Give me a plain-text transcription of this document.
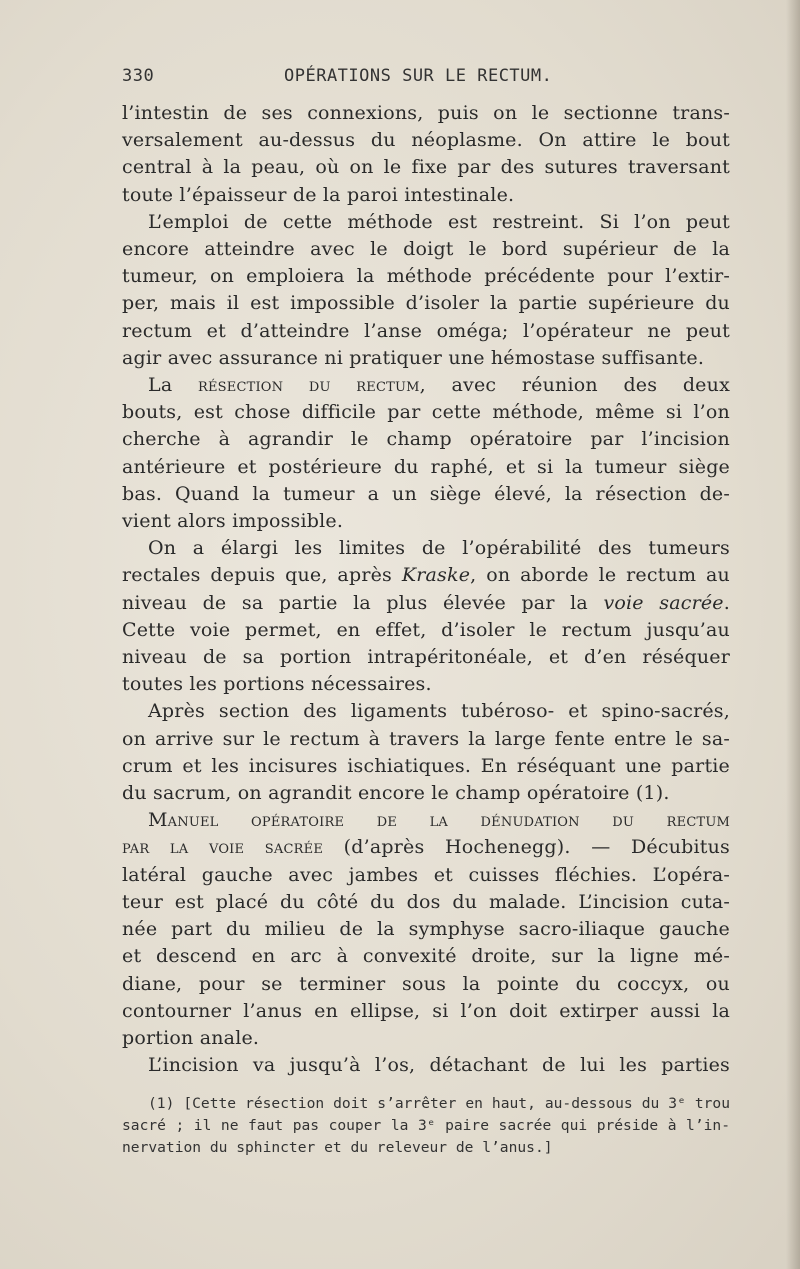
330	OPÉRATIONS SUR LE RECTUM.
l’intestin de ses connexions, puis on le sectionne trans-
versalement au-dessus du néoplasme. On attire le bout
central à la peau, où on le fixe par des sutures traversant
toute l’épaisseur de la paroi intestinale.
L’emploi de cette méthode est restreint. Si l’on peut
encore atteindre avec le doigt le bord supérieur de la
tumeur, on emploiera la méthode précédente pour l’extir-
per, mais il est impossible d’isoler la partie supérieure du
rectum et d’atteindre l’anse oméga; l’opérateur ne peut
agir avec assurance ni pratiquer une hémostase suffisante.
La résection du rectum, avec réunion des deux
bouts, est chose difficile par cette méthode, même si l’on
cherche à agrandir le champ opératoire par l’incision
antérieure et postérieure du raphé, et si la tumeur siège
bas. Quand la tumeur a un siège élevé, la résection de-
vient alors impossible.
On a élargi les limites de l’opérabilité des tumeurs
rectales depuis que, après Kraske, on aborde le rectum au
niveau de sa partie la plus élevée par la voie sacrée.
Cette voie permet, en effet, d’isoler le rectum jusqu’au
niveau de sa portion intrapéritonéale, et d’en réséquer
toutes les portions nécessaires.
Après section des ligaments tubéroso- et spino-sacrés,
on arrive sur le rectum à travers la large fente entre le sa-
crum et les incisures ischiatiques. En réséquant une partie
du sacrum, on agrandit encore le champ opératoire (1).
Manuel opératoire de la dénudation du rectum
par la voie sacrée (d’après Hochenegg). — Décubitus
latéral gauche avec jambes et cuisses fléchies. L’opéra-
teur est placé du côté du dos du malade. L’incision cuta-
née part du milieu de la symphyse sacro-iliaque gauche
et descend en arc à convexité droite, sur la ligne mé-
diane, pour se terminer sous la pointe du coccyx, ou
contourner l’anus en ellipse, si l’on doit extirper aussi la
portion anale.
L’incision va jusqu’à l’os, détachant de lui les parties
(1) [Cette résection doit s’arrêter en haut, au-dessous du 3ᵉ trou
sacré ; il ne faut pas couper la 3ᵉ paire sacrée qui préside à l’in-
nervation du sphincter et du releveur de l’anus.]
